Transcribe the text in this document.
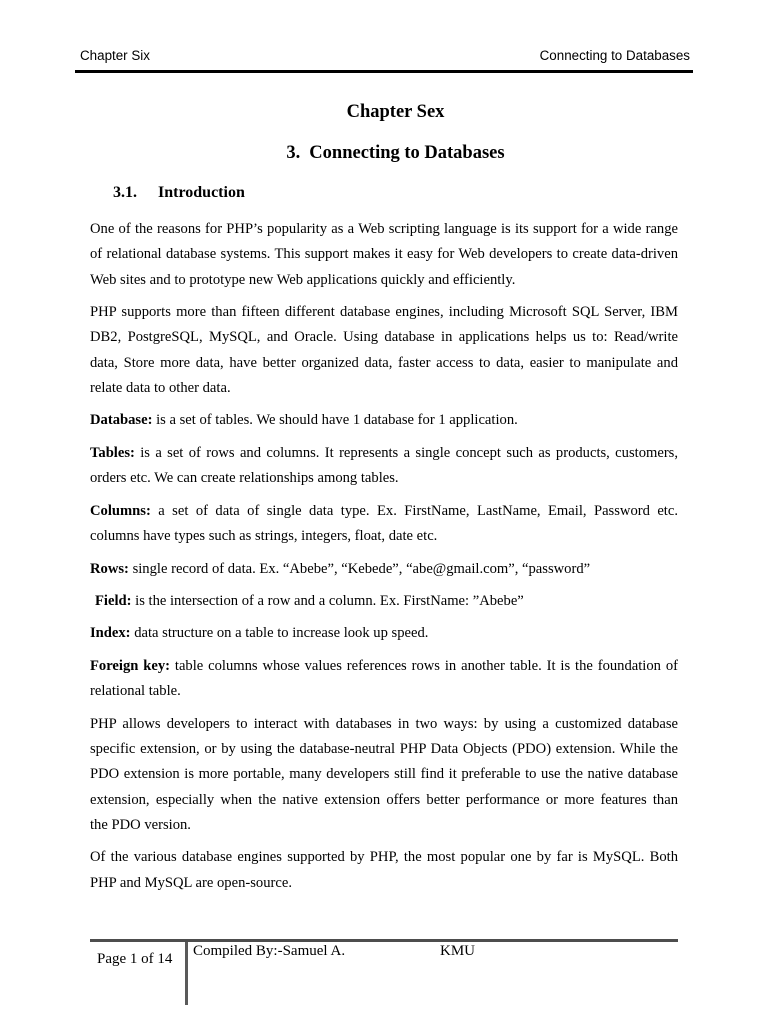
Chapter Six	Connecting to Databases
Chapter Sex
3. Connecting to Databases
3.1. Introduction
One of the reasons for PHP’s popularity as a Web scripting language is its support for a wide range
of relational database systems. This support makes it easy for Web developers to create data-driven
Web sites and to prototype new Web applications quickly and efficiently.
PHP supports more than fifteen different database engines, including Microsoft SQL Server, IBM
DB2, PostgreSQL, MySQL, and Oracle. Using database in applications helps us to: Read/write
data, Store more data, have better organized data, faster access to data, easier to manipulate and
relate data to other data.
Database: is a set of tables. We should have 1 database for 1 application.
Tables: is a set of rows and columns. It represents a single concept such as products, customers,
orders etc. We can create relationships among tables.
Columns: a set of data of single data type. Ex. FirstName, LastName, Email, Password etc.
columns have types such as strings, integers, float, date etc.
Rows: single record of data. Ex. “Abebe”, “Kebede”, “abe@gmail.com”, “password”
Field: is the intersection of a row and a column. Ex. FirstName: ”Abebe”
Index: data structure on a table to increase look up speed.
Foreign key: table columns whose values references rows in another table. It is the foundation of
relational table.
PHP allows developers to interact with databases in two ways: by using a customized database
specific extension, or by using the database-neutral PHP Data Objects (PDO) extension. While the
PDO extension is more portable, many developers still find it preferable to use the native database
extension, especially when the native extension offers better performance or more features than
the PDO version.
Of the various database engines supported by PHP, the most popular one by far is MySQL. Both
PHP and MySQL are open-source.
Page 1 of 14 Compiled By:-Samuel A.	KMU
